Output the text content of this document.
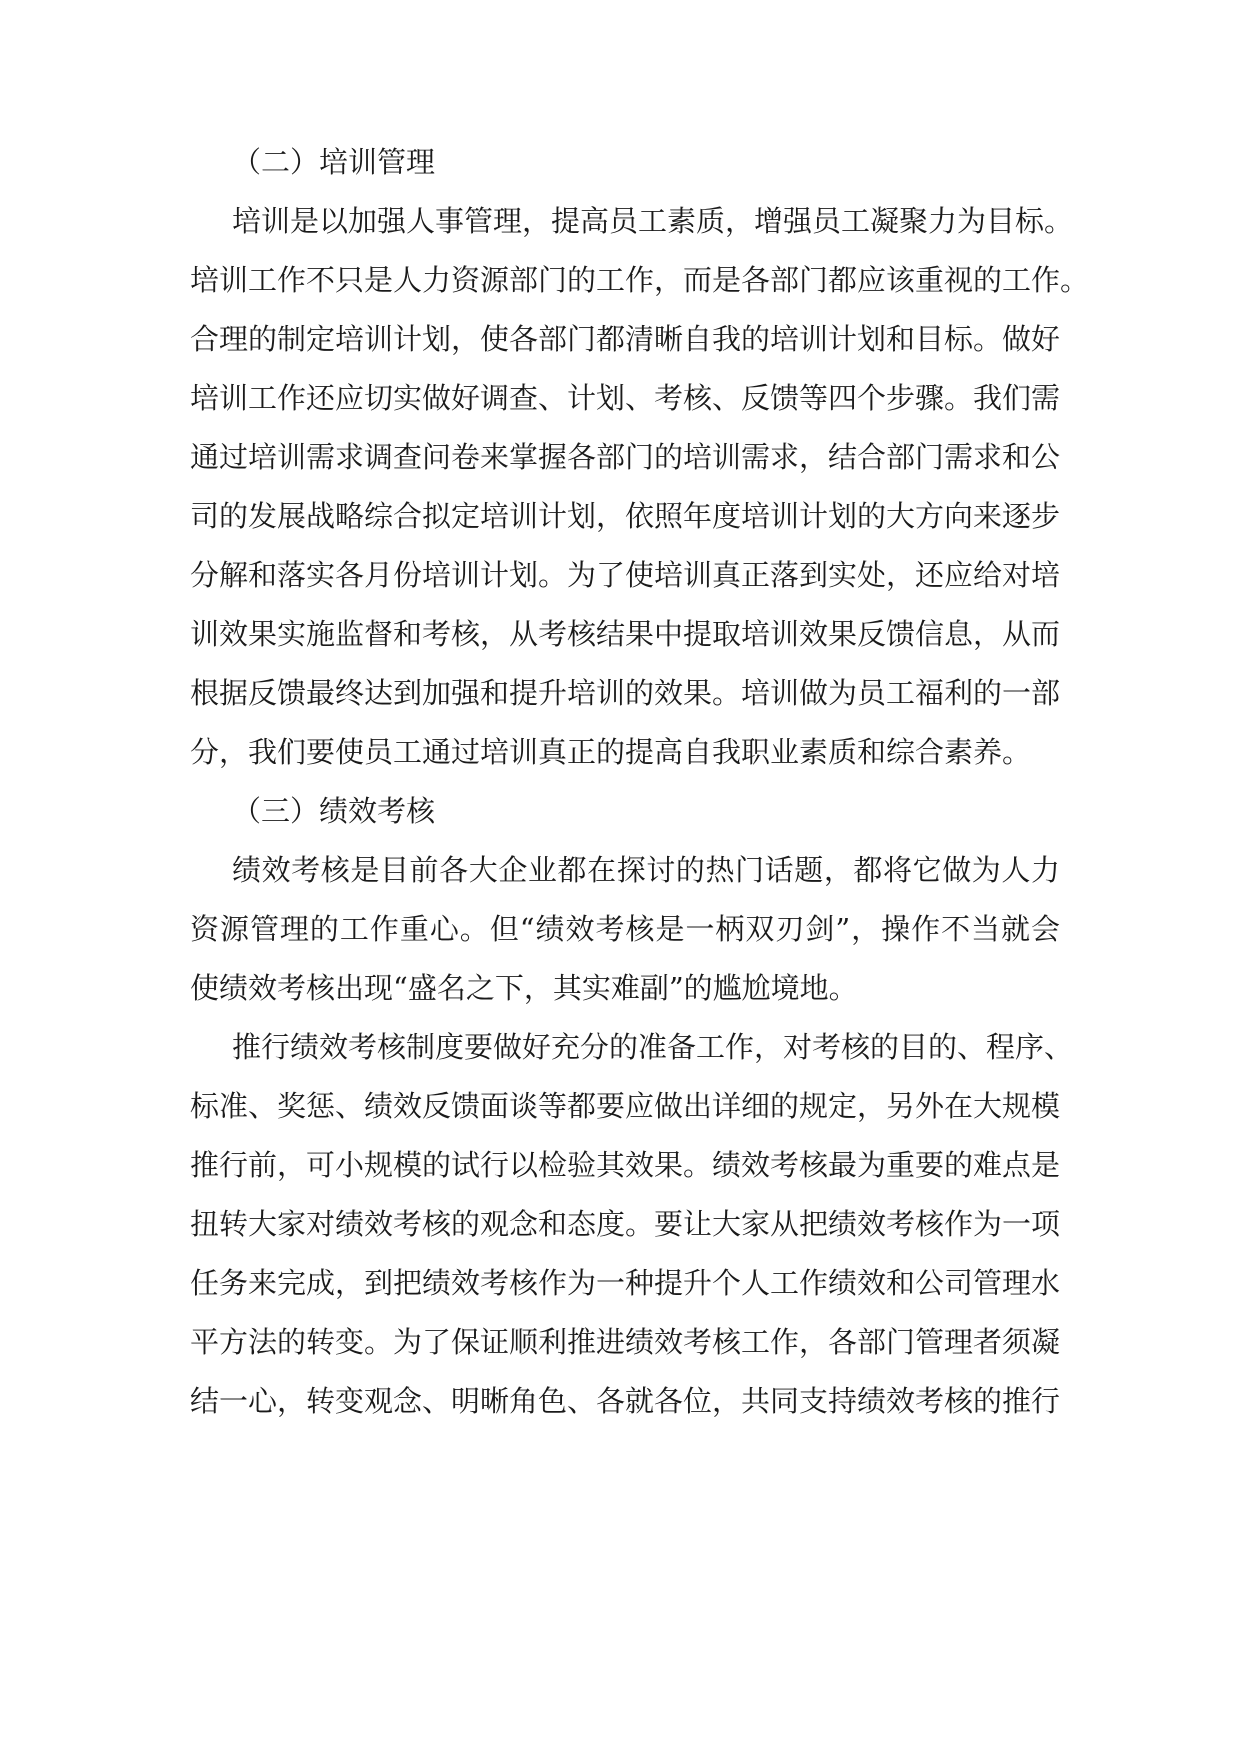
（二）培训管理
培训是以加强人事管理，提高员工素质，增强员工凝聚力为目标。
培训工作不只是人力资源部门的工作，而是各部门都应该重视的工作。
合理的制定培训计划，使各部门都清晰自我的培训计划和目标。做好
培训工作还应切实做好调查、计划、考核、反馈等四个步骤。我们需
通过培训需求调查问卷来掌握各部门的培训需求，结合部门需求和公
司的发展战略综合拟定培训计划，依照年度培训计划的大方向来逐步
分解和落实各月份培训计划。为了使培训真正落到实处，还应给对培
训效果实施监督和考核，从考核结果中提取培训效果反馈信息，从而
根据反馈最终达到加强和提升培训的效果。培训做为员工福利的一部
分，我们要使员工通过培训真正的提高自我职业素质和综合素养。
（三）绩效考核
绩效考核是目前各大企业都在探讨的热门话题，都将它做为人力
资源管理的工作重心。但“绩效考核是一柄双刃剑”，操作不当就会
使绩效考核出现“盛名之下，其实难副”的尴尬境地。
推行绩效考核制度要做好充分的准备工作，对考核的目的、程序、
标准、奖惩、绩效反馈面谈等都要应做出详细的规定，另外在大规模
推行前，可小规模的试行以检验其效果。绩效考核最为重要的难点是
扭转大家对绩效考核的观念和态度。要让大家从把绩效考核作为一项
任务来完成，到把绩效考核作为一种提升个人工作绩效和公司管理水
平方法的转变。为了保证顺利推进绩效考核工作，各部门管理者须凝
结一心，转变观念、明晰角色、各就各位，共同支持绩效考核的推行
